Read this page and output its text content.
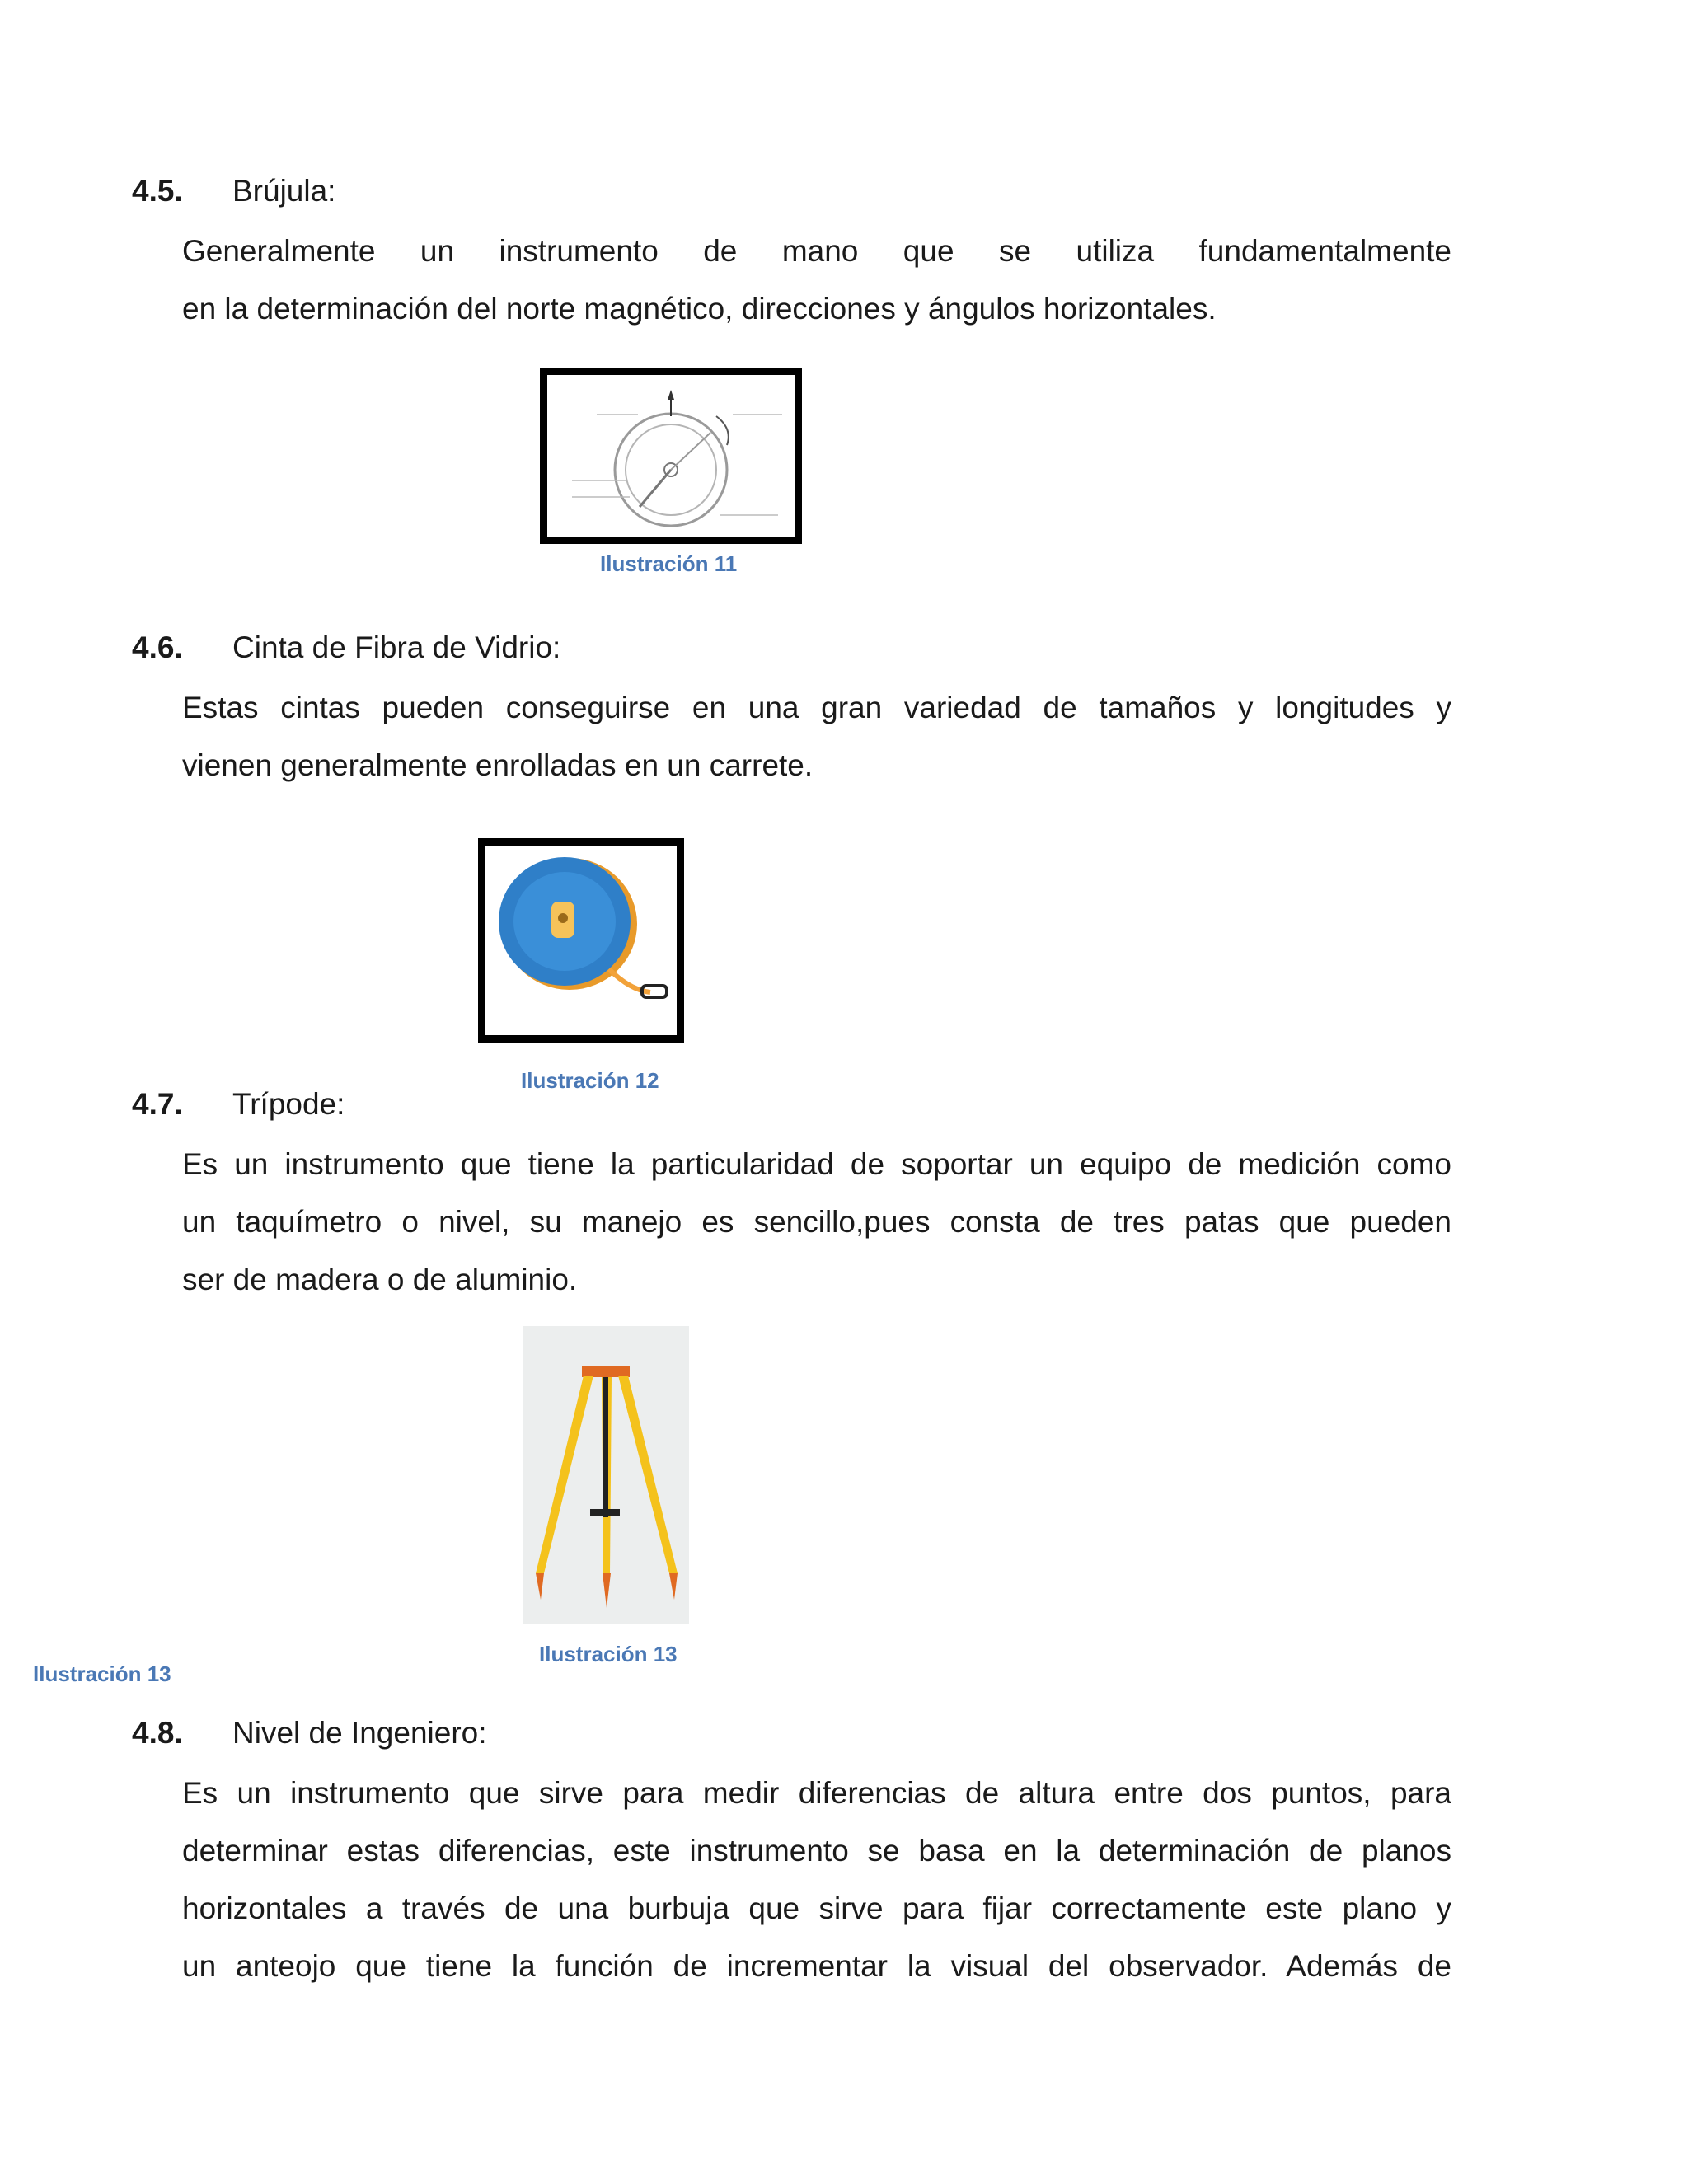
4.5. Brújula:
Generalmente un instrumento de mano que se utiliza fundamentalmente
en la determinación del norte magnético, direcciones y ángulos horizontales.
Ilustración 11
4.6. Cinta de Fibra de Vidrio:
Estas cintas pueden conseguirse en una gran variedad de tamaños y longitudes y
vienen generalmente enrolladas en un carrete.
Ilustración 12
4.7. Trípode:
Es un instrumento que tiene la particularidad de soportar un equipo de medición como
un taquímetro o nivel, su manejo es sencillo,pues consta de tres patas que pueden
ser de madera o de aluminio.
Ilustración 13
Ilustración 13
4.8. Nivel de Ingeniero:
Es un instrumento que sirve para medir diferencias de altura entre dos puntos, para
determinar estas diferencias, este instrumento se basa en la determinación de planos
horizontales a través de una burbuja que sirve para fijar correctamente este plano y
un anteojo que tiene la función de incrementar la visual del observador. Además de
